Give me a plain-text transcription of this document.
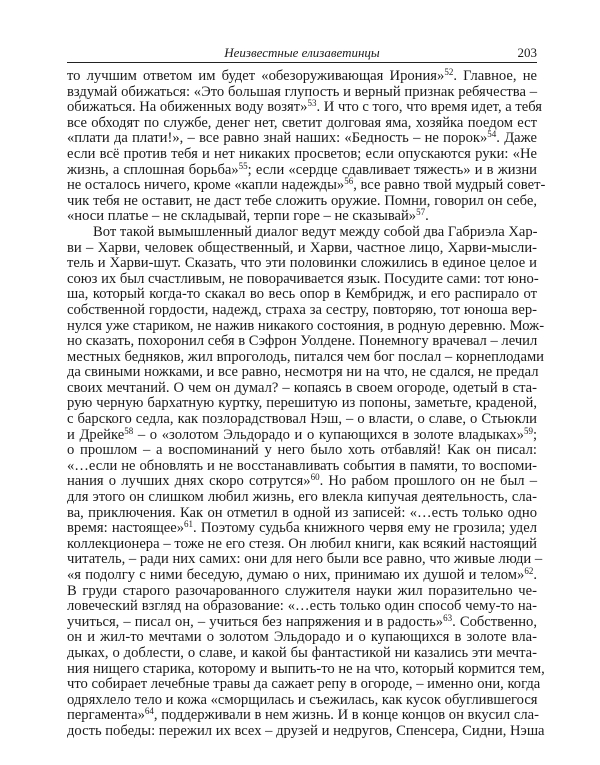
Неизвестные елизаветинцы	203
то лучшим ответом им будет «обезоруживающая Ирония»$^{52}$. Главное, не
вздумай обижаться: «Это большая глупость и верный признак ребячества –
обижаться. На обиженных воду возят»$^{53}$. И что с того, что время идет, а тебя
все обходят по службе, денег нет, светит долговая яма, хозяйка поедом ест
«плати да плати!», – все равно знай наших: «Бедность – не порок»$^{54}$. Даже
если всё против тебя и нет никаких просветов; если опускаются руки: «Не
жизнь, а сплошная борьба»$^{55}$; если «сердце сдавливает тяжесть» и в жизни
не осталось ничего, кроме «капли надежды»$^{56}$, все равно твой мудрый совет-
чик тебя не оставит, не даст тебе сложить оружие. Помни, говорил он себе,
«носи платье – не складывай, терпи горе – не сказывай»$^{57}$.
Вот такой вымышленный диалог ведут между собой два Габриэла Хар-
ви – Харви, человек общественный, и Харви, частное лицо, Харви-мысли-
тель и Харви-шут. Сказать, что эти половинки сложились в единое целое и
союз их был счастливым, не поворачивается язык. Посудите сами: тот юно-
ша, который когда-то скакал во весь опор в Кембридж, и его распирало от
собственной гордости, надежд, страха за сестру, повторяю, тот юноша вер-
нулся уже стариком, не нажив никакого состояния, в родную деревню. Мож-
но сказать, похоронил себя в Сэфрон Уолдене. Понемногу врачевал – лечил
местных бедняков, жил впроголодь, питался чем бог послал – корнеплодами
да свиными ножками, и все равно, несмотря ни на что, не сдался, не предал
своих мечтаний. О чем он думал? – копаясь в своем огороде, одетый в ста-
рую черную бархатную куртку, перешитую из попоны, заметьте, краденой,
с барского седла, как позлорадствовал Нэш, – о власти, о славе, о Стьюкли
и Дрейке$^{58}$ – о «золотом Эльдорадо и о купающихся в золоте владыках»$^{59}$;
о прошлом – а воспоминаний у него было хоть отбавляй! Как он писал:
«…если не обновлять и не восстанавливать события в памяти, то воспоми-
нания о лучших днях скоро сотрутся»$^{60}$. Но рабом прошлого он не был –
для этого он слишком любил жизнь, его влекла кипучая деятельность, сла-
ва, приключения. Как он отметил в одной из записей: «…есть только одно
время: настоящее»$^{61}$. Поэтому судьба книжного червя ему не грозила; удел
коллекционера – тоже не его стезя. Он любил книги, как всякий настоящий
читатель, – ради них самих: они для него были все равно, что живые люди –
«я подолгу с ними беседую, думаю о них, принимаю их душой и телом»$^{62}$.
В груди старого разочарованного служителя науки жил поразительно че-
ловеческий взгляд на образование: «…есть только один способ чему-то на-
учиться, – писал он, – учиться без напряжения и в радость»$^{63}$. Собственно,
он и жил-то мечтами о золотом Эльдорадо и о купающихся в золоте вла-
дыках, о доблести, о славе, и какой бы фантастикой ни казались эти мечта-
ния нищего старика, которому и выпить-то не на что, который кормится тем,
что собирает лечебные травы да сажает репу в огороде, – именно они, когда
одряхлело тело и кожа «сморщилась и съежилась, как кусок обуглившегося
пергамента»$^{64}$, поддерживали в нем жизнь. И в конце концов он вкусил сла-
дость победы: пережил их всех – друзей и недругов, Спенсера, Сидни, Нэша
